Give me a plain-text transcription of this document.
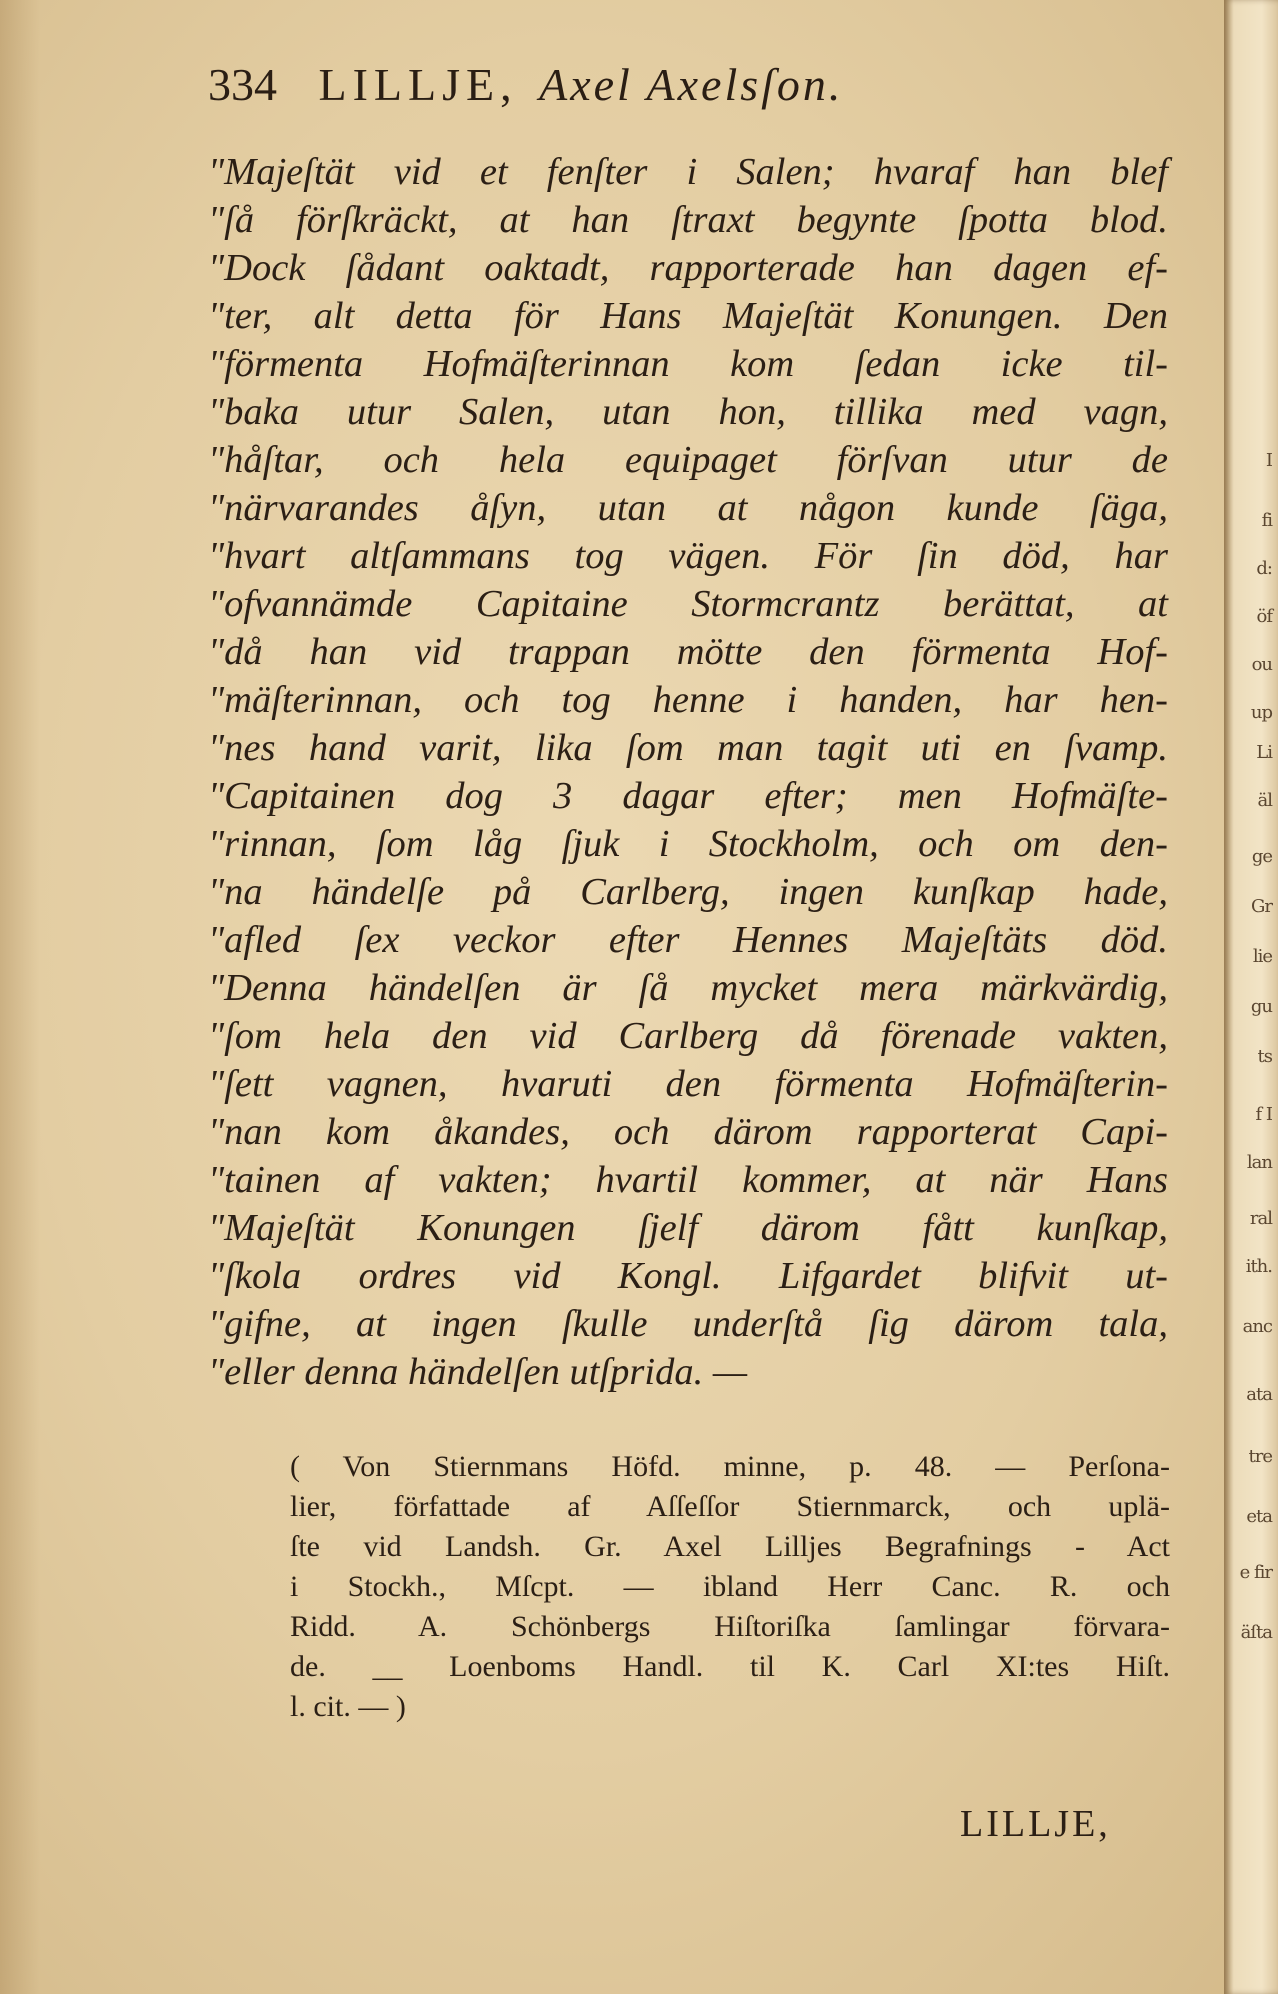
334 LILLJE, Axel Axelsſon.
"Majeſtät vid et fenſter i Salen; hvaraf han blef
"ſå förſkräckt, at han ſtraxt begynte ſpotta blod.
"Dock ſådant oaktadt, rapporterade han dagen ef-
"ter, alt detta för Hans Majeſtät Konungen. Den
"förmenta Hofmäſterinnan kom ſedan icke til-
"baka utur Salen, utan hon, tillika med vagn,
"håſtar, och hela equipaget förſvan utur de
"närvarandes åſyn, utan at någon kunde ſäga,
"hvart altſammans tog vägen. För ſin död, har
"ofvannämde Capitaine Stormcrantz berättat, at
"då han vid trappan mötte den förmenta Hof-
"mäſterinnan, och tog henne i handen, har hen-
"nes hand varit, lika ſom man tagit uti en ſvamp.
"Capitainen dog 3 dagar efter; men Hofmäſte-
"rinnan, ſom låg ſjuk i Stockholm, och om den-
"na händelſe på Carlberg, ingen kunſkap hade,
"afled ſex veckor efter Hennes Majeſtäts död.
"Denna händelſen är ſå mycket mera märkvärdig,
"ſom hela den vid Carlberg då förenade vakten,
"ſett vagnen, hvaruti den förmenta Hofmäſterin-
"nan kom åkandes, och därom rapporterat Capi-
"tainen af vakten; hvartil kommer, at när Hans
"Majeſtät Konungen ſjelf därom fått kunſkap,
"ſkola ordres vid Kongl. Lifgardet blifvit ut-
"gifne, at ingen ſkulle underſtå ſig därom tala,
"eller denna händelſen utſprida. —
( Von Stiernmans Höfd. minne, p. 48. — Perſona-
lier, författade af Aſſeſſor Stiernmarck, och uplä-
ſte vid Landsh. Gr. Axel Lilljes Begrafnings - Act
i Stockh., Mſcpt. — ibland Herr Canc. R. och
Ridd. A. Schönbergs Hiſtoriſka ſamlingar förvara-
de. __ Loenboms Handl. til K. Carl XI:tes Hiſt.
l. cit. — )
LILLJE,
I
fi
d:
öf
ou
up
Li
äl
ge
Gr
lie
gu
ts
f I
lan
ral
ith.
anc
ata
tre
eta
e fir
äſta
